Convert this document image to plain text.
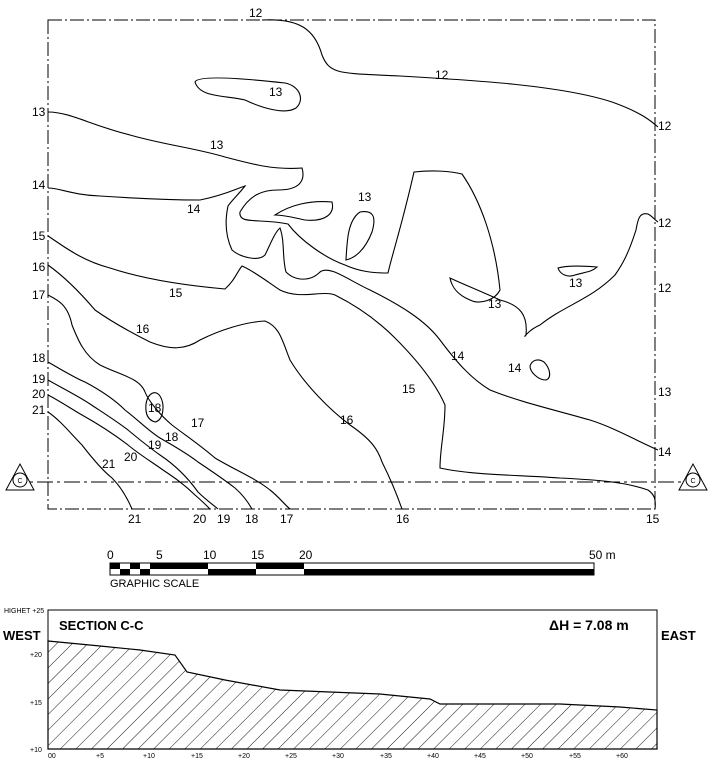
C	C
12
12
12
12
12
13
13
13
13
13
13
13
14
14
14
14
14
15
15
15
15
16
16
16
16
17
17
17
18
18
18
18
19
19
19
20
20
20
21
21
21
0	5	10	15	20	50 m
GRAPHIC SCALE
SECTION C-C	ΔH = 7.08 m
WEST	EAST
HIGHET +25
+20
+15
+10
00	+5	+10	+15	+20	+25	+30	+35	+40	+45	+50	+55	+60
